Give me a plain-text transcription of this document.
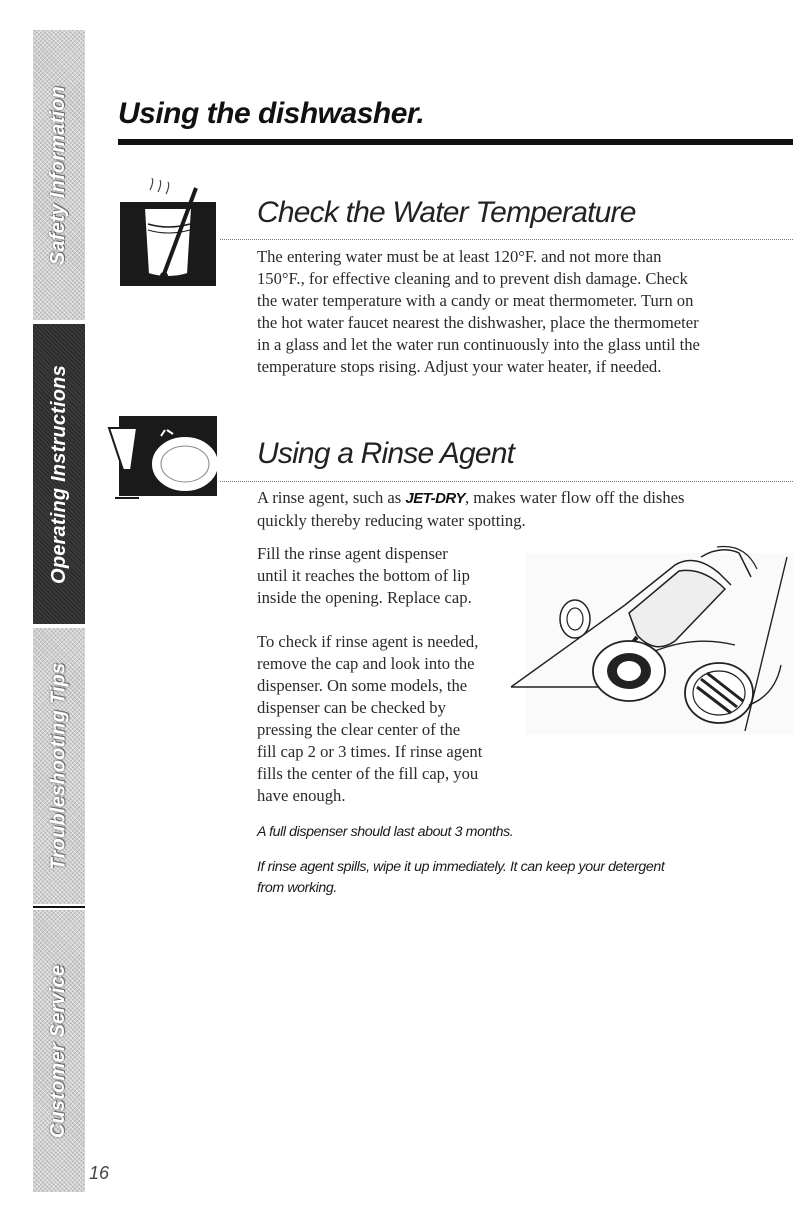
Safety Information
Operating Instructions
Troubleshooting Tips
Customer Service
Using the dishwasher.
Check the Water Temperature
The entering water must be at least 120°F. and not more than
150°F., for effective cleaning and to prevent dish damage. Check
the water temperature with a candy or meat thermometer. Turn on
the hot water faucet nearest the dishwasher, place the thermometer
in a glass and let the water run continuously into the glass until the
temperature stops rising. Adjust your water heater, if needed.
Using a Rinse Agent
A rinse agent, such as JET-DRY, makes water flow off the dishes
quickly thereby reducing water spotting.
Fill the rinse agent dispenser
until it reaches the bottom of lip
inside the opening. Replace cap.
To check if rinse agent is needed,
remove the cap and look into the
dispenser. On some models, the
dispenser can be checked by
pressing the clear center of the
fill cap 2 or 3 times. If rinse agent
fills the center of the fill cap, you
have enough.
A full dispenser should last about 3 months.
If rinse agent spills, wipe it up immediately. It can keep your detergent
from working.
16
